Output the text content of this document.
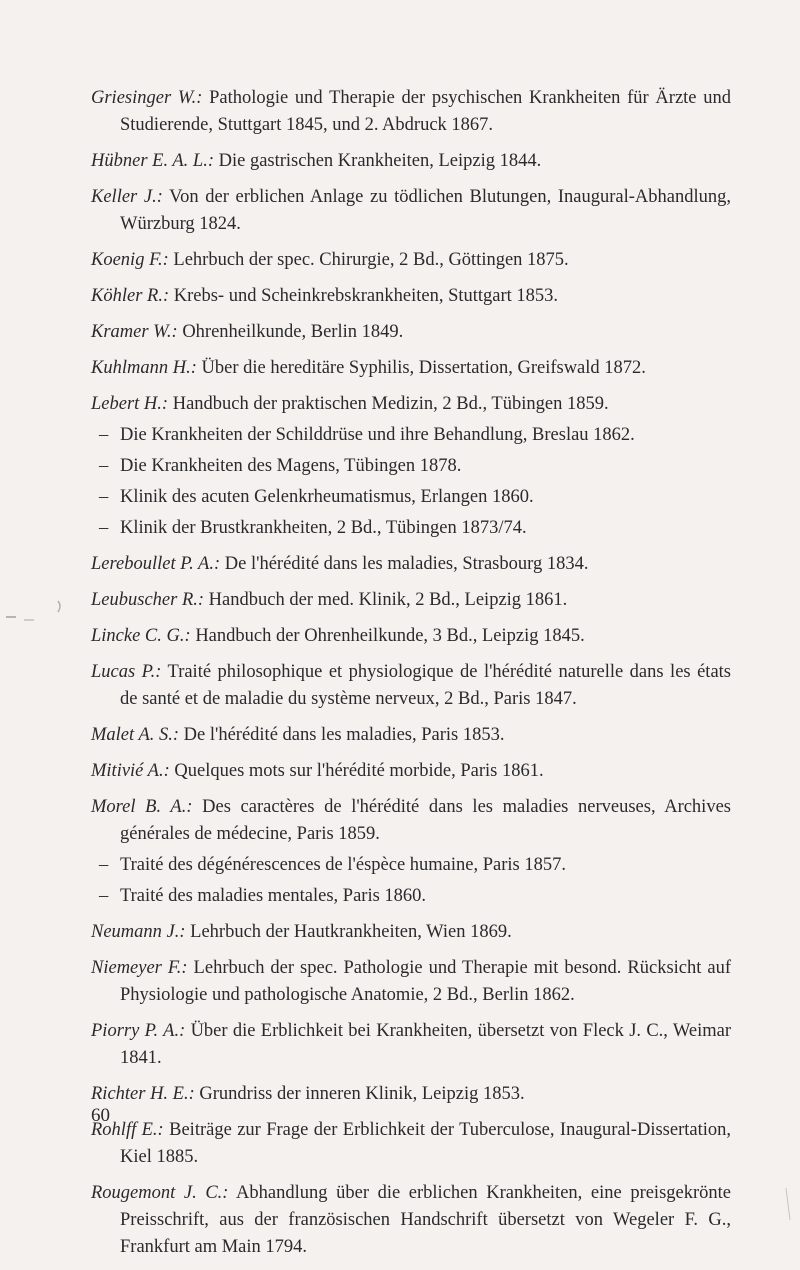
Griesinger W.: Pathologie und Therapie der psychischen Krankheiten für Ärzte und Studierende, Stuttgart 1845, und 2. Abdruck 1867.

Hübner E. A. L.: Die gastrischen Krankheiten, Leipzig 1844.

Keller J.: Von der erblichen Anlage zu tödlichen Blutungen, Inaugural-Abhandlung, Würzburg 1824.

Koenig F.: Lehrbuch der spec. Chirurgie, 2 Bd., Göttingen 1875.

Köhler R.: Krebs- und Scheinkrebskrankheiten, Stuttgart 1853.

Kramer W.: Ohrenheilkunde, Berlin 1849.

Kuhlmann H.: Über die hereditäre Syphilis, Dissertation, Greifswald 1872.

Lebert H.: Handbuch der praktischen Medizin, 2 Bd., Tübingen 1859.

– Die Krankheiten der Schilddrüse und ihre Behandlung, Breslau 1862.

– Die Krankheiten des Magens, Tübingen 1878.

– Klinik des acuten Gelenkrheumatismus, Erlangen 1860.

– Klinik der Brustkrankheiten, 2 Bd., Tübingen 1873/74.

Lereboullet P. A.: De l'hérédité dans les maladies, Strasbourg 1834.

Leubuscher R.: Handbuch der med. Klinik, 2 Bd., Leipzig 1861.

Lincke C. G.: Handbuch der Ohrenheilkunde, 3 Bd., Leipzig 1845.

Lucas P.: Traité philosophique et physiologique de l'hérédité naturelle dans les états de santé et de maladie du système nerveux, 2 Bd., Paris 1847.

Malet A. S.: De l'hérédité dans les maladies, Paris 1853.

Mitivié A.: Quelques mots sur l'hérédité morbide, Paris 1861.

Morel B. A.: Des caractères de l'hérédité dans les maladies nerveuses, Archives générales de médecine, Paris 1859.

– Traité des dégénérescences de l'éspèce humaine, Paris 1857.

– Traité des maladies mentales, Paris 1860.

Neumann J.: Lehrbuch der Hautkrankheiten, Wien 1869.

Niemeyer F.: Lehrbuch der spec. Pathologie und Therapie mit besond. Rücksicht auf Physiologie und pathologische Anatomie, 2 Bd., Berlin 1862.

Piorry P. A.: Über die Erblichkeit bei Krankheiten, übersetzt von Fleck J. C., Weimar 1841.

Richter H. E.: Grundriss der inneren Klinik, Leipzig 1853.

Rohlff E.: Beiträge zur Frage der Erblichkeit der Tuberculose, Inaugural-Dissertation, Kiel 1885.

Rougemont J. C.: Abhandlung über die erblichen Krankheiten, eine preisgekrönte Preisschrift, aus der französischen Handschrift übersetzt von Wegeler F. G., Frankfurt am Main 1794.

60
